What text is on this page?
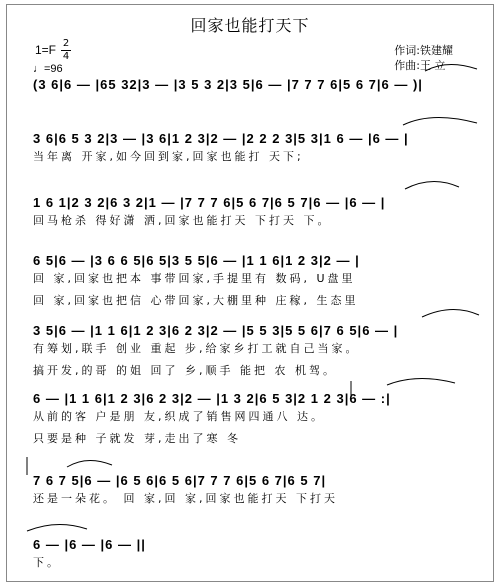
回家也能打天下
1=F 2
4
♩=96
作词:铁建耀
作曲:王 立
(3 6|6 — |65 32|3 — |3 5 3 2|3 5|6 — |7 7 7 6|5 6 7|6 — )|
3 6|6 5 3 2|3 — |3 6|1 2 3|2 — |2 2 2 3|5 3|1 6 — |6 — |
当年离 开家,如今回到家,回家也能打 天下;
1 6 1|2 3 2|6 3 2|1 — |7 7 7 6|5 6 7|6 5 7|6 — |6 — |
回马枪杀 得好潇 洒,回家也能打天 下打天 下。
6 5|6 — |3 6 6 5|6 5|3 5 5|6 — |1 1 6|1 2 3|2 — |
回 家,回家也把本 事带回家,手提里有 数码, U盘里
回 家,回家也把信 心带回家,大棚里种 庄稼, 生态里
3 5|6 — |1 1 6|1 2 3|6 2 3|2 — |5 5 3|5 5 6|7 6 5|6 — |
有筹划,联手 创业 重起 步,给家乡打工就自己当家。
搞开发,的哥 的姐 回了 乡,顺手 能把 农 机驾。
6 — |1 1 6|1 2 3|6 2 3|2 — |1 3 2|6 5 3|2 1 2 3|6 — :|
从前的客 户是朋 友,织成了销售网四通八 达。
只要是种 子就发 芽,走出了寒 冬
7 6 7 5|6 — |6 5 6|6 5 6|7 7 7 6|5 6 7|6 5 7|
还是一朵花。 回 家,回 家,回家也能打天 下打天
6 — |6 — |6 — ||
下。
